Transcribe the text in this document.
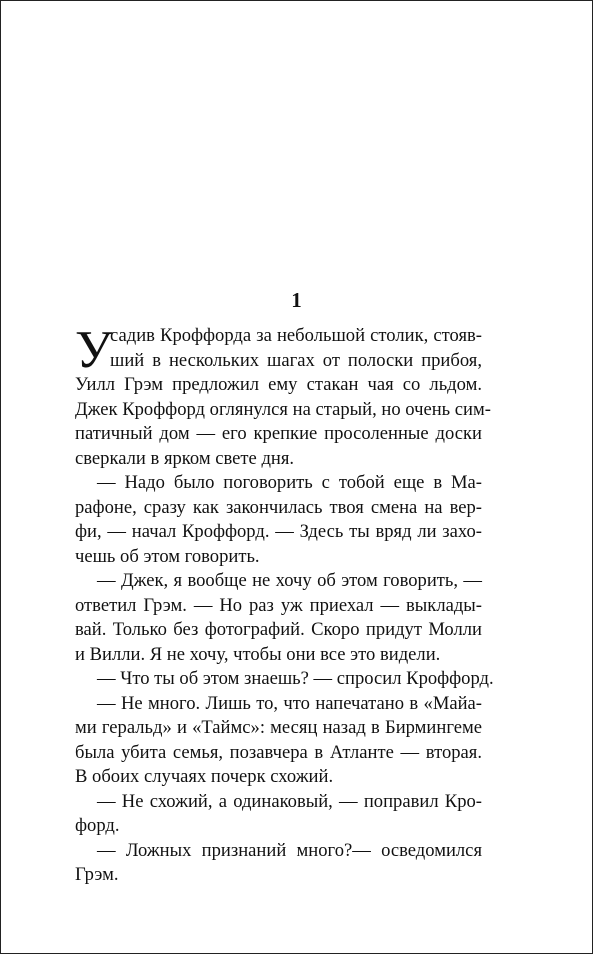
1
У
садив Кроффорда за небольшой столик, стояв-
ший в нескольких шагах от полоски прибоя,
Уилл Грэм предложил ему стакан чая со льдом.
Джек Кроффорд оглянулся на старый, но очень сим-
патичный дом — его крепкие просоленные доски
сверкали в ярком свете дня.
— Надо было поговорить с тобой еще в Ма-
рафоне, сразу как закончилась твоя смена на вер-
фи, — начал Кроффорд. — Здесь ты вряд ли захо-
чешь об этом говорить.
— Джек, я вообще не хочу об этом говорить, —
ответил Грэм. — Но раз уж приехал — выклады-
вай. Только без фотографий. Скоро придут Молли
и Вилли. Я не хочу, чтобы они все это видели.
— Что ты об этом знаешь? — спросил Кроффорд.
— Не много. Лишь то, что напечатано в «Майа-
ми геральд» и «Таймс»: месяц назад в Бирмингеме
была убита семья, позавчера в Атланте — вторая.
В обоих случаях почерк схожий.
— Не схожий, а одинаковый, — поправил Кро-
форд.
— Ложных признаний много?— осведомился
Грэм.
